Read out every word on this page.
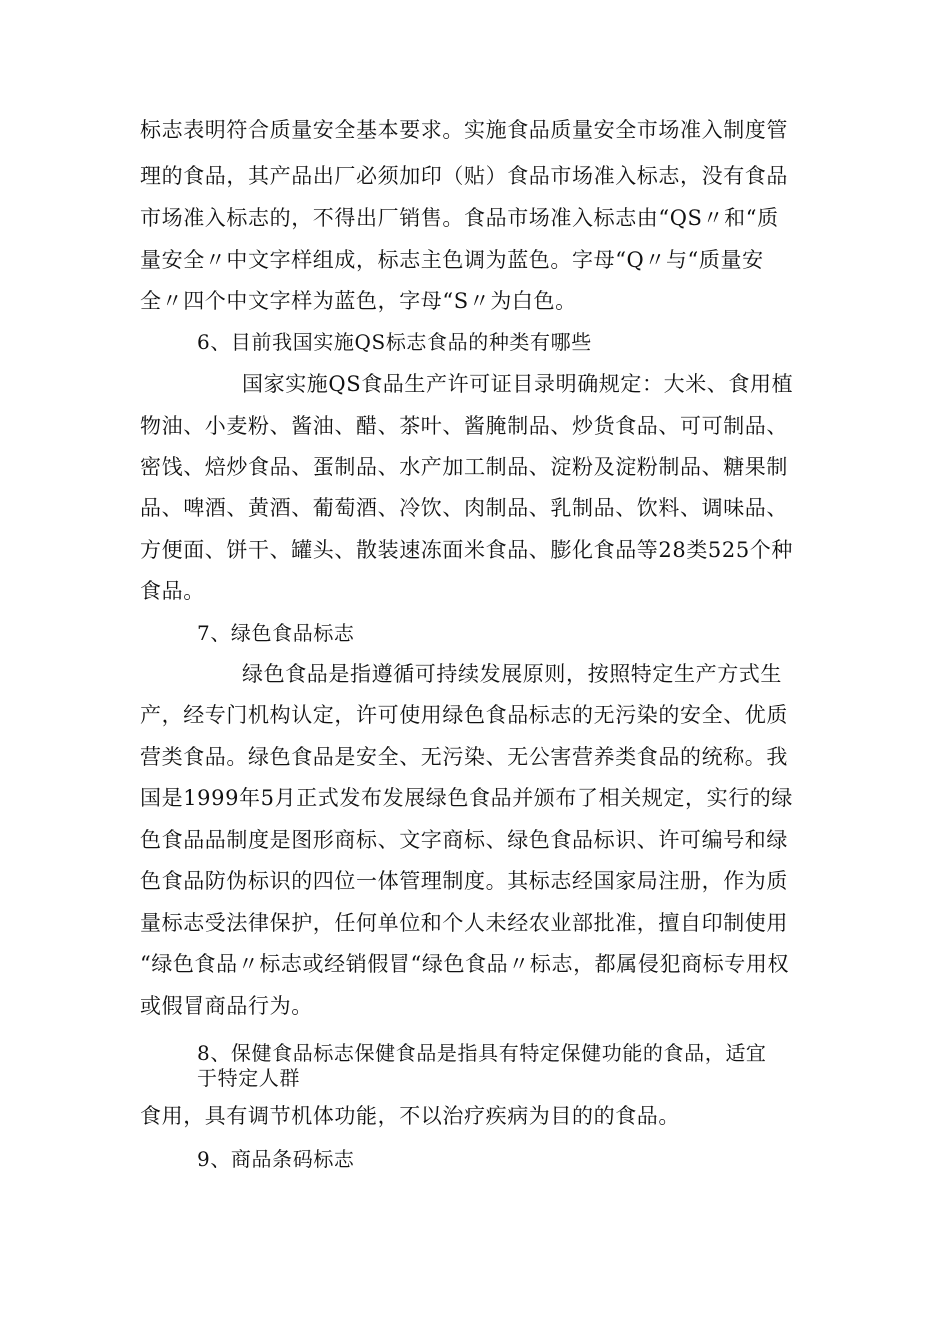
标志表明符合质量安全基本要求。实施食品质量安全市场准入制度管
理的食品，其产品出厂必须加印（贴）食品市场准入标志，没有食品
市场准入标志的，不得出厂销售。食品市场准入标志由“QS〃和“质
量安全〃中文字样组成，标志主色调为蓝色。字母“Q〃与“质量安
全〃四个中文字样为蓝色，字母“S〃为白色。
6、目前我国实施QS标志食品的种类有哪些
国家实施QS食品生产许可证目录明确规定：大米、食用植
物油、小麦粉、酱油、醋、茶叶、酱腌制品、炒货食品、可可制品、
密饯、焙炒食品、蛋制品、水产加工制品、淀粉及淀粉制品、糖果制
品、啤酒、黄酒、葡萄酒、冷饮、肉制品、乳制品、饮料、调味品、
方便面、饼干、罐头、散装速冻面米食品、膨化食品等28类525个种
食品。
7、绿色食品标志
绿色食品是指遵循可持续发展原则，按照特定生产方式生
产，经专门机构认定，许可使用绿色食品标志的无污染的安全、优质
营类食品。绿色食品是安全、无污染、无公害营养类食品的统称。我
国是1999年5月正式发布发展绿色食品并颁布了相关规定，实行的绿
色食品品制度是图形商标、文字商标、绿色食品标识、许可编号和绿
色食品防伪标识的四位一体管理制度。其标志经国家局注册，作为质
量标志受法律保护，任何单位和个人未经农业部批准，擅自印制使用
“绿色食品〃标志或经销假冒“绿色食品〃标志，都属侵犯商标专用权
或假冒商品行为。
8、保健食品标志保健食品是指具有特定保健功能的食品，适宜
于特定人群
食用，具有调节机体功能，不以治疗疾病为目的的食品。
9、商品条码标志
